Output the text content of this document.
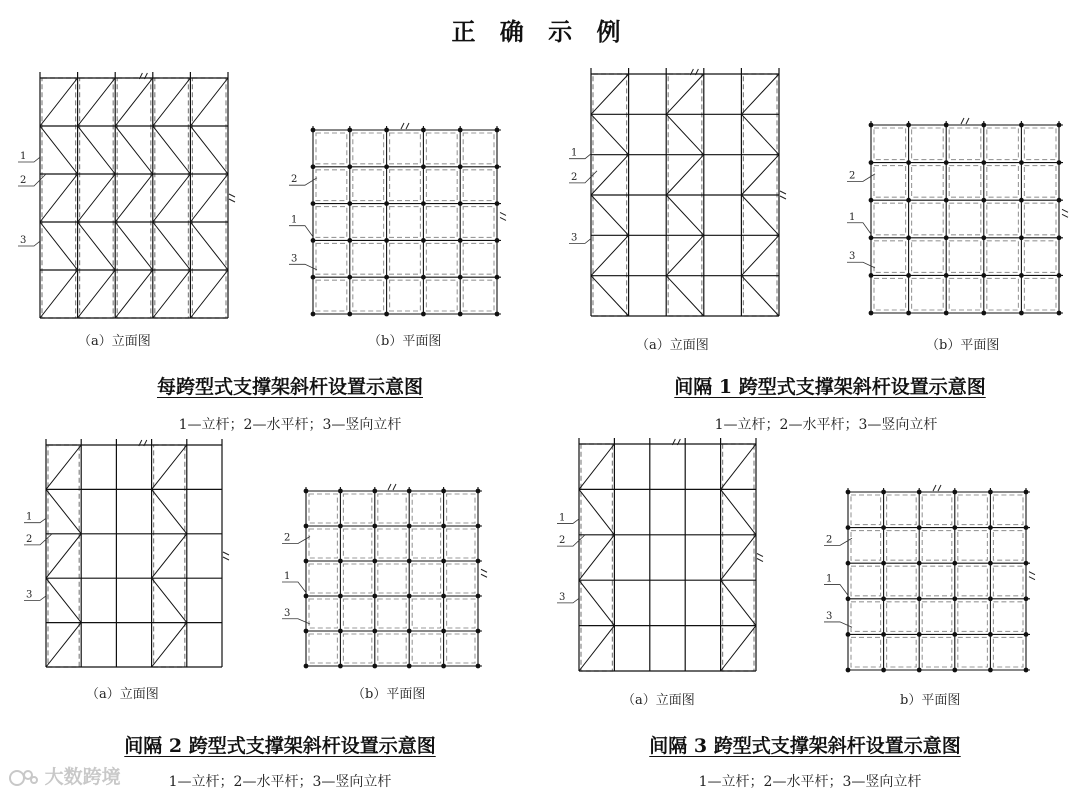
正 确 示 例
1
2
3
2
1
3
（a）立面图	（b）平面图
每跨型式支撑架斜杆设置示意图
1—立杆；2—水平杆；3—竖向立杆
1
2
3
2
1
3
（a）立面图	（b）平面图
间隔 1 跨型式支撑架斜杆设置示意图
1—立杆；2—水平杆；3—竖向立杆
1
2
3
2
1
3
（a）立面图	（b）平面图
间隔 2 跨型式支撑架斜杆设置示意图
1—立杆；2—水平杆；3—竖向立杆
1
2
3
2
1
3
（a）立面图	b）平面图
间隔 3 跨型式支撑架斜杆设置示意图
1—立杆；2—水平杆；3—竖向立杆
大数跨境
